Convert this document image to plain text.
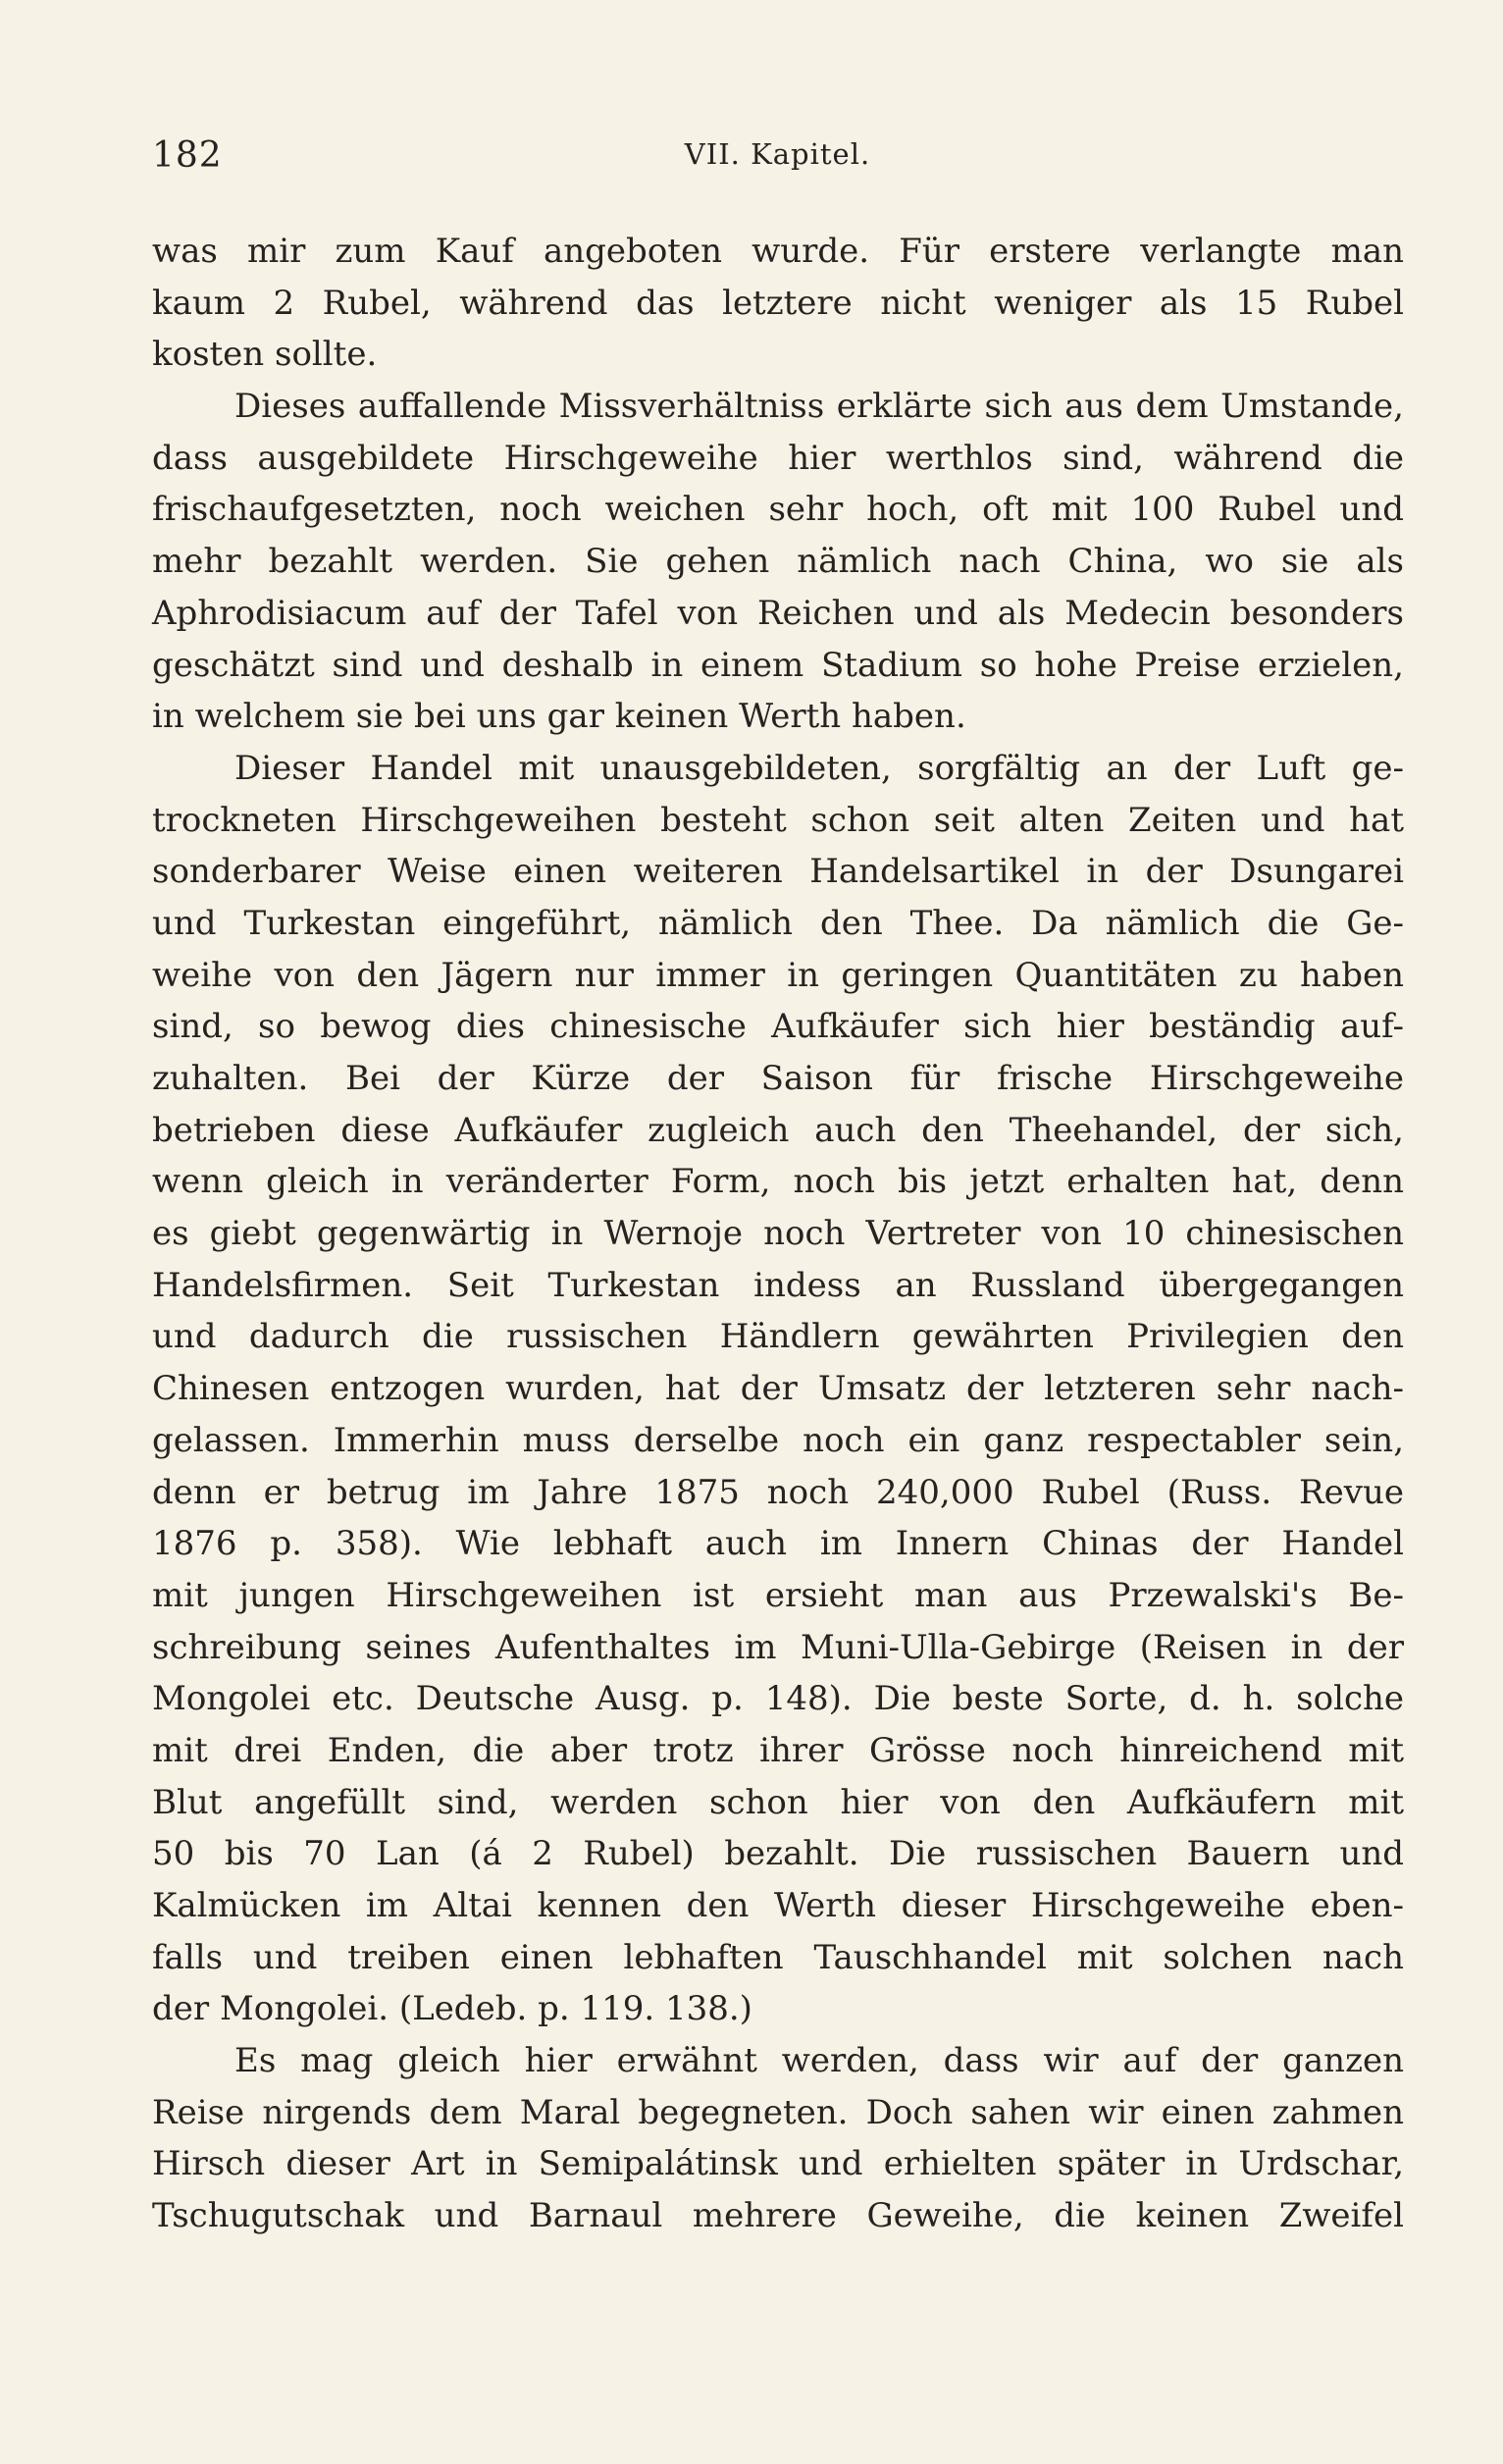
182	VII. Kapitel.
was mir zum Kauf angeboten wurde. Für erstere verlangte man
kaum 2 Rubel, während das letztere nicht weniger als 15 Rubel
kosten sollte.
Dieses auffallende Missverhältniss erklärte sich aus dem Umstande,
dass ausgebildete Hirschgeweihe hier werthlos sind, während die
frischaufgesetzten, noch weichen sehr hoch, oft mit 100 Rubel und
mehr bezahlt werden. Sie gehen nämlich nach China, wo sie als
Aphrodisiacum auf der Tafel von Reichen und als Medecin besonders
geschätzt sind und deshalb in einem Stadium so hohe Preise erzielen,
in welchem sie bei uns gar keinen Werth haben.
Dieser Handel mit unausgebildeten, sorgfältig an der Luft ge-
trockneten Hirschgeweihen besteht schon seit alten Zeiten und hat
sonderbarer Weise einen weiteren Handelsartikel in der Dsungarei
und Turkestan eingeführt, nämlich den Thee. Da nämlich die Ge-
weihe von den Jägern nur immer in geringen Quantitäten zu haben
sind, so bewog dies chinesische Aufkäufer sich hier beständig auf-
zuhalten. Bei der Kürze der Saison für frische Hirschgeweihe
betrieben diese Aufkäufer zugleich auch den Theehandel, der sich,
wenn gleich in veränderter Form, noch bis jetzt erhalten hat, denn
es giebt gegenwärtig in Wernoje noch Vertreter von 10 chinesischen
Handelsfirmen. Seit Turkestan indess an Russland übergegangen
und dadurch die russischen Händlern gewährten Privilegien den
Chinesen entzogen wurden, hat der Umsatz der letzteren sehr nach-
gelassen. Immerhin muss derselbe noch ein ganz respectabler sein,
denn er betrug im Jahre 1875 noch 240,000 Rubel (Russ. Revue
1876 p. 358). Wie lebhaft auch im Innern Chinas der Handel
mit jungen Hirschgeweihen ist ersieht man aus Przewalski's Be-
schreibung seines Aufenthaltes im Muni-Ulla-Gebirge (Reisen in der
Mongolei etc. Deutsche Ausg. p. 148). Die beste Sorte, d. h. solche
mit drei Enden, die aber trotz ihrer Grösse noch hinreichend mit
Blut angefüllt sind, werden schon hier von den Aufkäufern mit
50 bis 70 Lan (á 2 Rubel) bezahlt. Die russischen Bauern und
Kalmücken im Altai kennen den Werth dieser Hirschgeweihe eben-
falls und treiben einen lebhaften Tauschhandel mit solchen nach
der Mongolei. (Ledeb. p. 119. 138.)
Es mag gleich hier erwähnt werden, dass wir auf der ganzen
Reise nirgends dem Maral begegneten. Doch sahen wir einen zahmen
Hirsch dieser Art in Semipalátinsk und erhielten später in Urdschar,
Tschugutschak und Barnaul mehrere Geweihe, die keinen Zweifel
